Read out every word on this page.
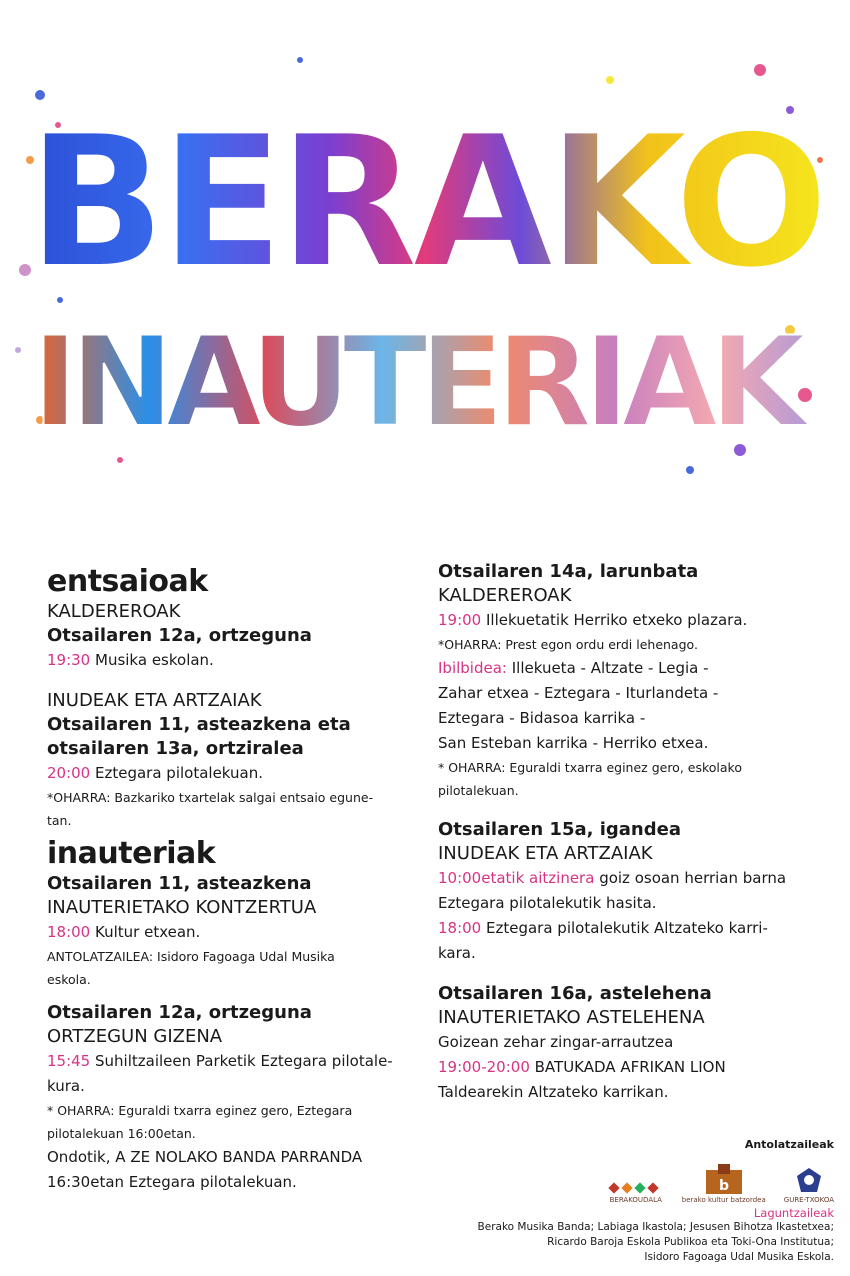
BERAKO
INAUTERIAK
entsaioak
KALDEREROAK
Otsailaren 12a, ortzeguna
19:30 Musika eskolan.
INUDEAK ETA ARTZAIAK
Otsailaren 11, asteazkena eta
otsailaren 13a, ortziralea
20:00 Eztegara pilotalekuan.
*OHARRA: Bazkariko txartelak salgai entsaio egune-
tan.
inauteriak
Otsailaren 11, asteazkena
INAUTERIETAKO KONTZERTUA
18:00 Kultur etxean.
ANTOLATZAILEA: Isidoro Fagoaga Udal Musika
eskola.
Otsailaren 12a, ortzeguna
ORTZEGUN GIZENA
15:45 Suhiltzaileen Parketik Eztegara pilotale-
kura.
* OHARRA: Eguraldi txarra eginez gero, Eztegara
pilotalekuan 16:00etan.
Ondotik, A ZE NOLAKO BANDA PARRANDA
16:30etan Eztegara pilotalekuan.
Otsailaren 14a, larunbata
KALDEREROAK
19:00 Illekuetatik Herriko etxeko plazara.
*OHARRA: Prest egon ordu erdi lehenago.
Ibilbidea: Illekueta - Altzate - Legia -
Zahar etxea - Eztegara - Iturlandeta -
Eztegara - Bidasoa karrika -
San Esteban karrika - Herriko etxea.
* OHARRA: Eguraldi txarra eginez gero, eskolako
pilotalekuan.
Otsailaren 15a, igandea
INUDEAK ETA ARTZAIAK
10:00etatik aitzinera goiz osoan herrian barna
Eztegara pilotalekutik hasita.
18:00 Eztegara pilotalekutik Altzateko karri-
kara.
Otsailaren 16a, astelehena
INAUTERIETAKO ASTELEHENA
Goizean zehar zingar-arrautzea
19:00-20:00 BATUKADA AFRIKAN LION
Taldearekin Altzateko karrikan.
Antolatzaileak
BERAKOUDALA
b
berako kultur batzordea	GURE-TXOKOA
Laguntzaileak
Berako Musika Banda; Labiaga Ikastola; Jesusen Bihotza Ikastetxea;
Ricardo Baroja Eskola Publikoa eta Toki-Ona Institutua;
Isidoro Fagoaga Udal Musika Eskola.
